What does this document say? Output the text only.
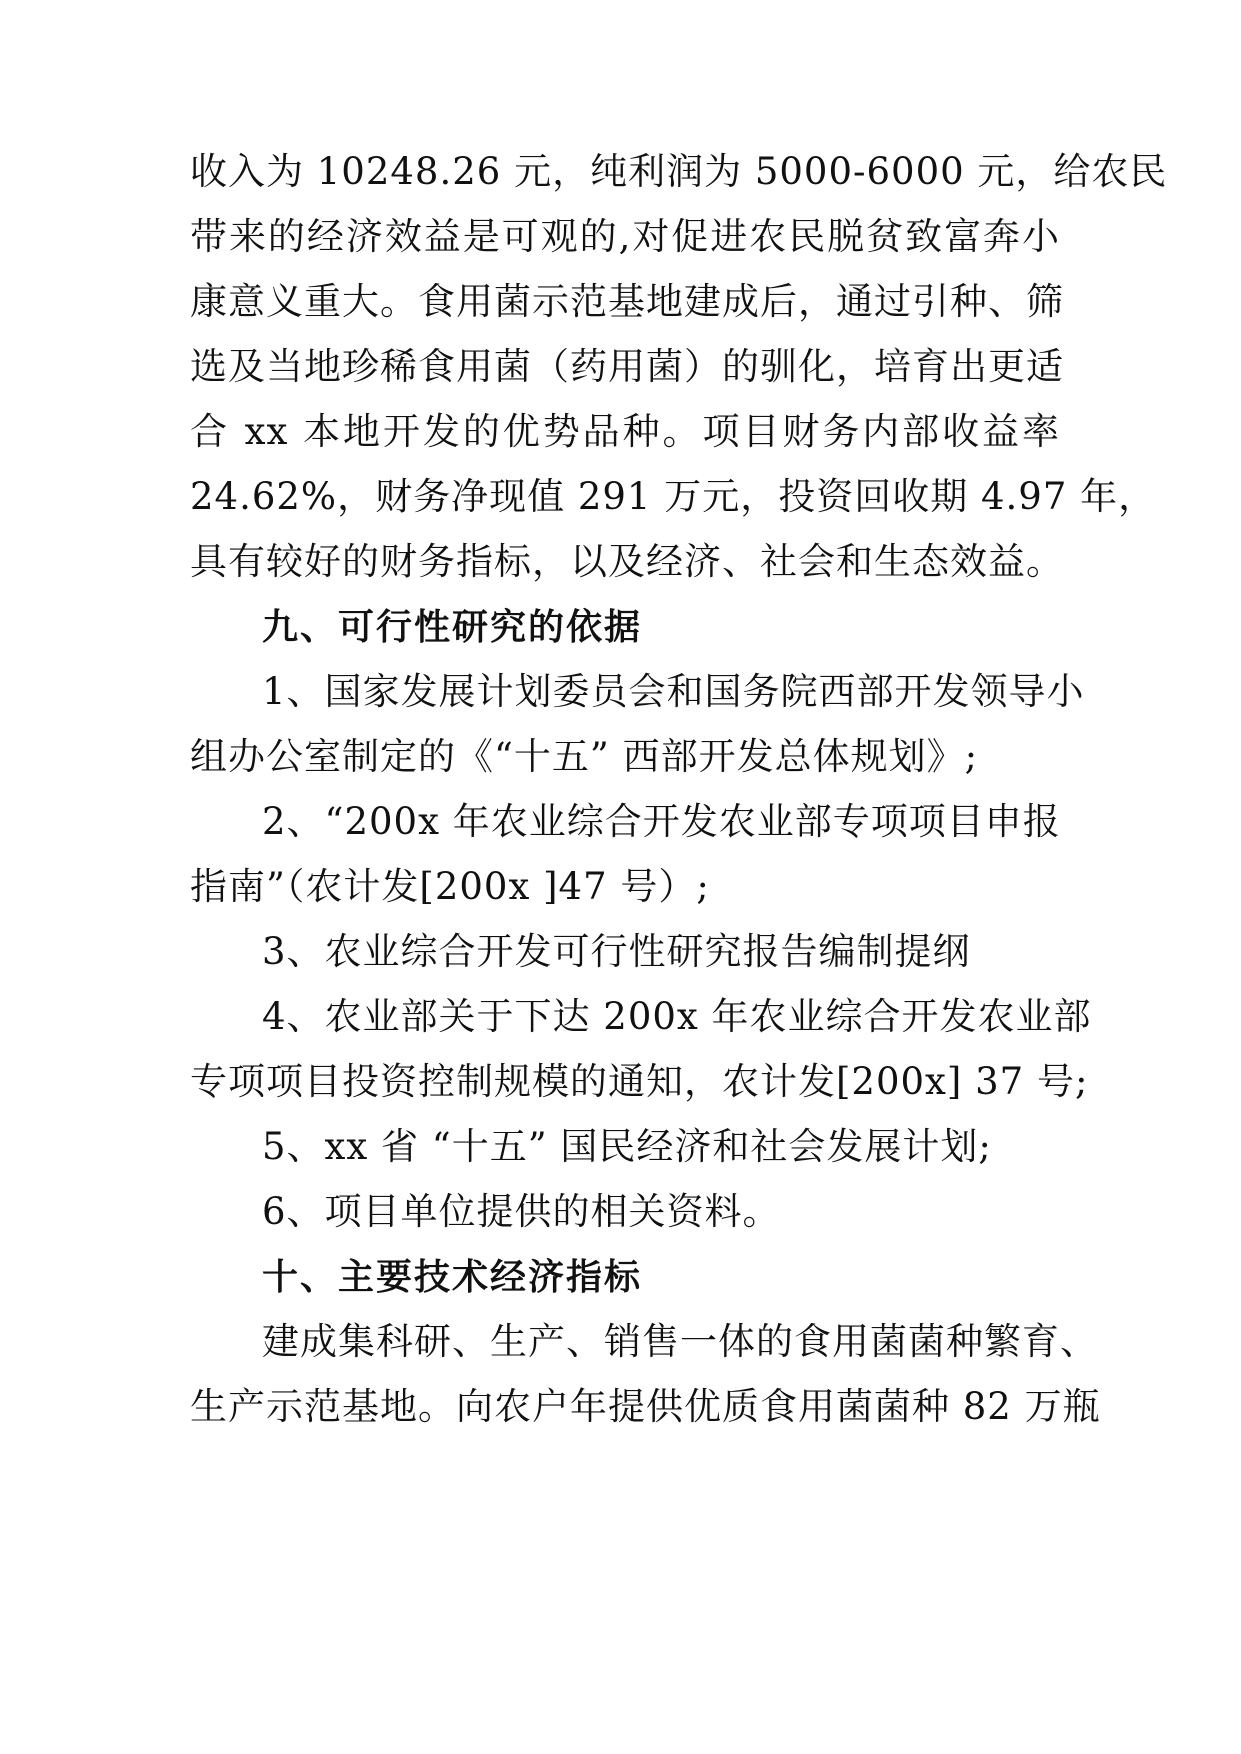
收入为 10248.26 元，纯利润为 5000-6000 元，给农民
带来的经济效益是可观的,对促进农民脱贫致富奔小
康意义重大。食用菌示范基地建成后，通过引种、筛
选及当地珍稀食用菌（药用菌）的驯化，培育出更适
合 xx 本地开发的优势品种。项目财务内部收益率
24.62%，财务净现值 291 万元，投资回收期 4.97 年，
具有较好的财务指标，以及经济、社会和生态效益。
九、可行性研究的依据
1、国家发展计划委员会和国务院西部开发领导小
组办公室制定的《“十五” 西部开发总体规划》;
2、“200x 年农业综合开发农业部专项项目申报
指南”（农计发[200x ]47 号）;
3、农业综合开发可行性研究报告编制提纲
4、农业部关于下达 200x 年农业综合开发农业部
专项项目投资控制规模的通知，农计发[200x] 37 号;
5、xx 省 “十五” 国民经济和社会发展计划;
6、项目单位提供的相关资料。
十、主要技术经济指标
建成集科研、生产、销售一体的食用菌菌种繁育、
生产示范基地。向农户年提供优质食用菌菌种 82 万瓶
